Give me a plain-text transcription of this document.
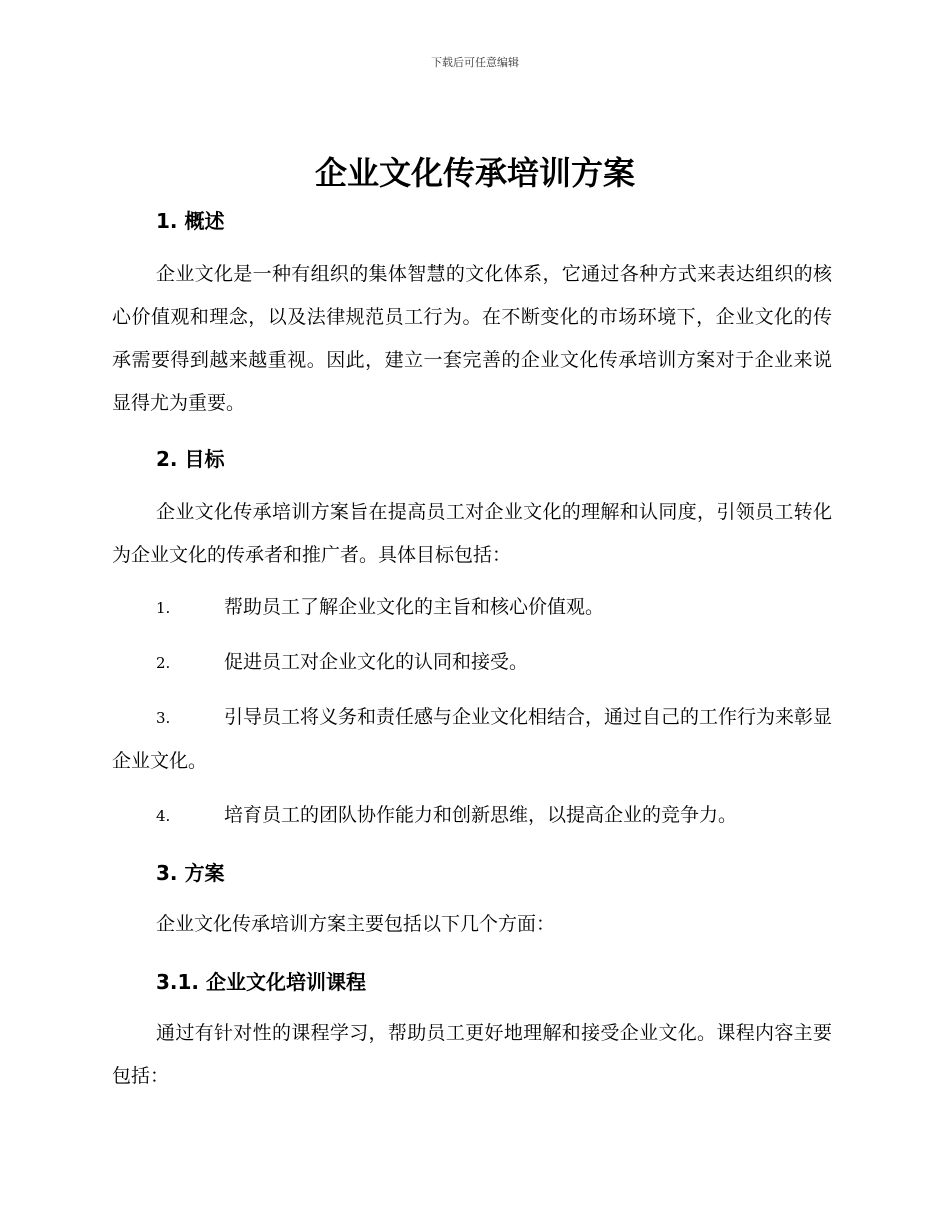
下载后可任意编辑
企业文化传承培训方案
1. 概述
企业文化是一种有组织的集体智慧的文化体系，它通过各种方式来表达组织的核心价值观和理念，以及法律规范员工行为。在不断变化的市场环境下，企业文化的传承需要得到越来越重视。因此，建立一套完善的企业文化传承培训方案对于企业来说显得尤为重要。
2. 目标
企业文化传承培训方案旨在提高员工对企业文化的理解和认同度，引领员工转化为企业文化的传承者和推广者。具体目标包括：
1.	帮助员工了解企业文化的主旨和核心价值观。
2.	促进员工对企业文化的认同和接受。
3.	引导员工将义务和责任感与企业文化相结合，通过自己的工作行为来彰显企业文化。
4.	培育员工的团队协作能力和创新思维，以提高企业的竞争力。
3. 方案
企业文化传承培训方案主要包括以下几个方面：
3.1. 企业文化培训课程
通过有针对性的课程学习，帮助员工更好地理解和接受企业文化。课程内容主要包括：
